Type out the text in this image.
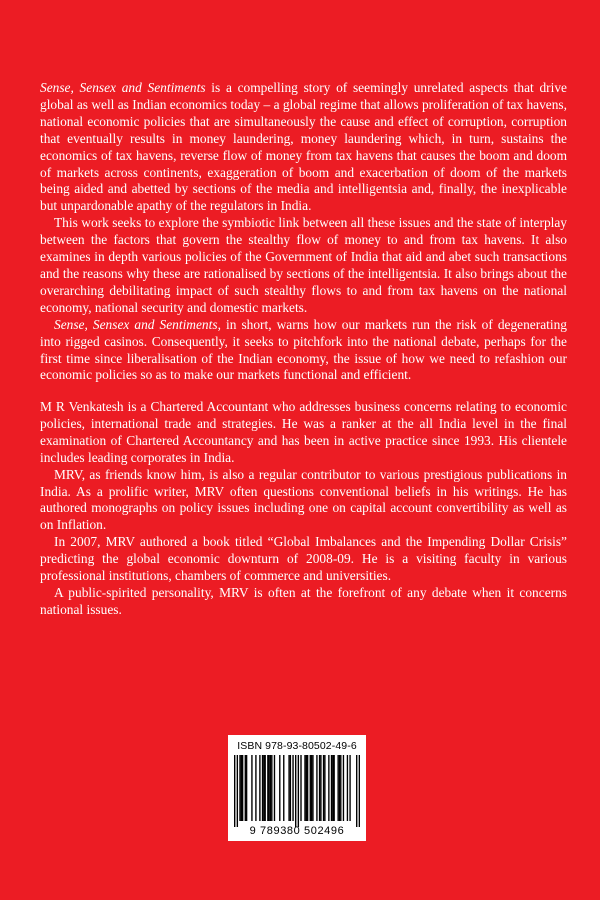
Sense, Sensex and Sentiments is a compelling story of seemingly unrelated aspects that drive global as well as Indian economics today – a global regime that allows proliferation of tax havens, national economic policies that are simultaneously the cause and effect of corruption, corruption that eventually results in money laundering, money laundering which, in turn, sustains the economics of tax havens, reverse flow of money from tax havens that causes the boom and doom of markets across continents, exaggeration of boom and exacerbation of doom of the markets being aided and abetted by sections of the media and intelligentsia and, finally, the inexplicable but unpardonable apathy of the regulators in India.

This work seeks to explore the symbiotic link between all these issues and the state of interplay between the factors that govern the stealthy flow of money to and from tax havens. It also examines in depth various policies of the Government of India that aid and abet such transactions and the reasons why these are rationalised by sections of the intelligentsia. It also brings about the overarching debilitating impact of such stealthy flows to and from tax havens on the national economy, national security and domestic markets.

Sense, Sensex and Sentiments, in short, warns how our markets run the risk of degenerating into rigged casinos. Consequently, it seeks to pitchfork into the national debate, perhaps for the first time since liberalisation of the Indian economy, the issue of how we need to refashion our economic policies so as to make our markets functional and efficient.

M R Venkatesh is a Chartered Accountant who addresses business concerns relating to economic policies, international trade and strategies. He was a ranker at the all India level in the final examination of Chartered Accountancy and has been in active practice since 1993. His clientele includes leading corporates in India.

MRV, as friends know him, is also a regular contributor to various prestigious publications in India. As a prolific writer, MRV often questions conventional beliefs in his writings. He has authored monographs on policy issues including one on capital account convertibility as well as on Inflation.

In 2007, MRV authored a book titled “Global Imbalances and the Impending Dollar Crisis” predicting the global economic downturn of 2008-09. He is a visiting faculty in various professional institutions, chambers of commerce and universities.

A public-spirited personality, MRV is often at the forefront of any debate when it concerns national issues.

ISBN 978-93-80502-49-6
9 789380 502496
